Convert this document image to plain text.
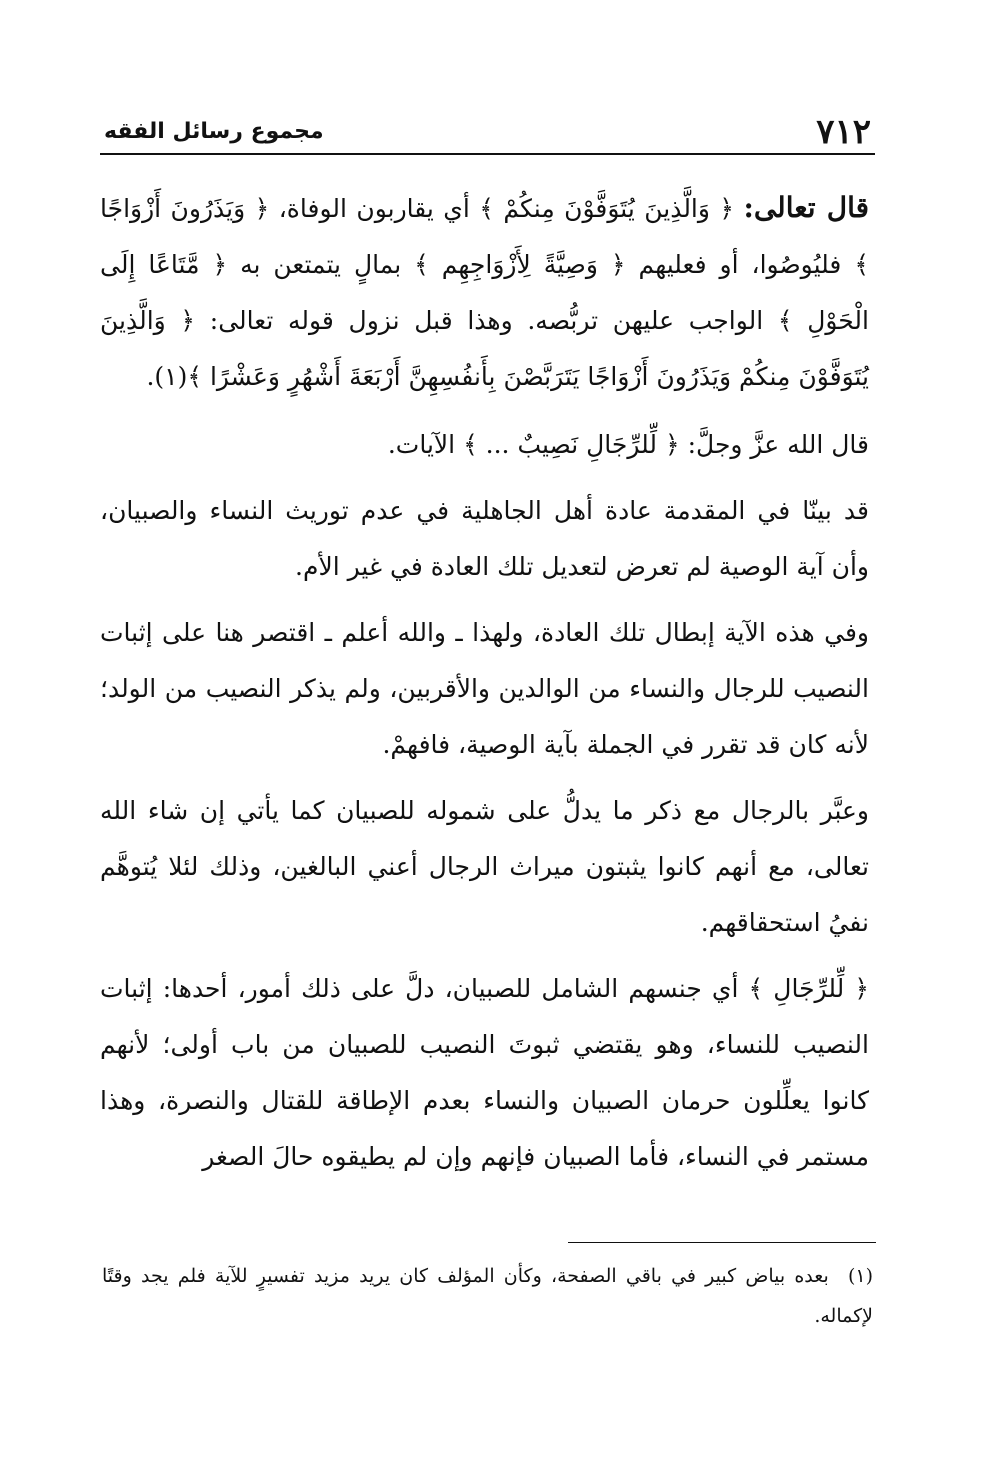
٧١٢
مجموع رسائل الفقه

قال تعالى: ﴿ وَالَّذِينَ يُتَوَفَّوْنَ مِنكُمْ ﴾ أي يقاربون الوفاة، ﴿ وَيَذَرُونَ أَزْوَاجًا ﴾ فليُوصُوا، أو فعليهم ﴿ وَصِيَّةً لِأَزْوَاجِهِم ﴾ بمالٍ يتمتعن به ﴿ مَّتَاعًا إِلَى الْحَوْلِ ﴾ الواجب عليهن تربُّصه. وهذا قبل نزول قوله تعالى: ﴿ وَالَّذِينَ يُتَوَفَّوْنَ مِنكُمْ وَيَذَرُونَ أَزْوَاجًا يَتَرَبَّصْنَ بِأَنفُسِهِنَّ أَرْبَعَةَ أَشْهُرٍ وَعَشْرًا ﴾(١).

قال الله عزَّ وجلَّ: ﴿ لِّلرِّجَالِ نَصِيبٌ ... ﴾ الآيات.

قد بينّا في المقدمة عادة أهل الجاهلية في عدم توريث النساء والصبيان، وأن آية الوصية لم تعرض لتعديل تلك العادة في غير الأم.

وفي هذه الآية إبطال تلك العادة، ولهذا ـ والله أعلم ـ اقتصر هنا على إثبات النصيب للرجال والنساء من الوالدين والأقربين، ولم يذكر النصيب من الولد؛ لأنه كان قد تقرر في الجملة بآية الوصية، فافهمْ.

وعبَّر بالرجال مع ذكر ما يدلُّ على شموله للصبيان كما يأتي إن شاء الله تعالى، مع أنهم كانوا يثبتون ميراث الرجال أعني البالغين، وذلك لئلا يُتوهَّم نفيُ استحقاقهم.

﴿ لِّلرِّجَالِ ﴾ أي جنسهم الشامل للصبيان، دلَّ على ذلك أمور، أحدها: إثبات النصيب للنساء، وهو يقتضي ثبوتَ النصيب للصبيان من باب أولى؛ لأنهم كانوا يعلِّلون حرمان الصبيان والنساء بعدم الإطاقة للقتال والنصرة، وهذا مستمر في النساء، فأما الصبيان فإنهم وإن لم يطيقوه حالَ الصغر

(١) بعده بياض كبير في باقي الصفحة، وكأن المؤلف كان يريد مزيد تفسيرٍ للآية فلم يجد وقتًا لإكماله.
